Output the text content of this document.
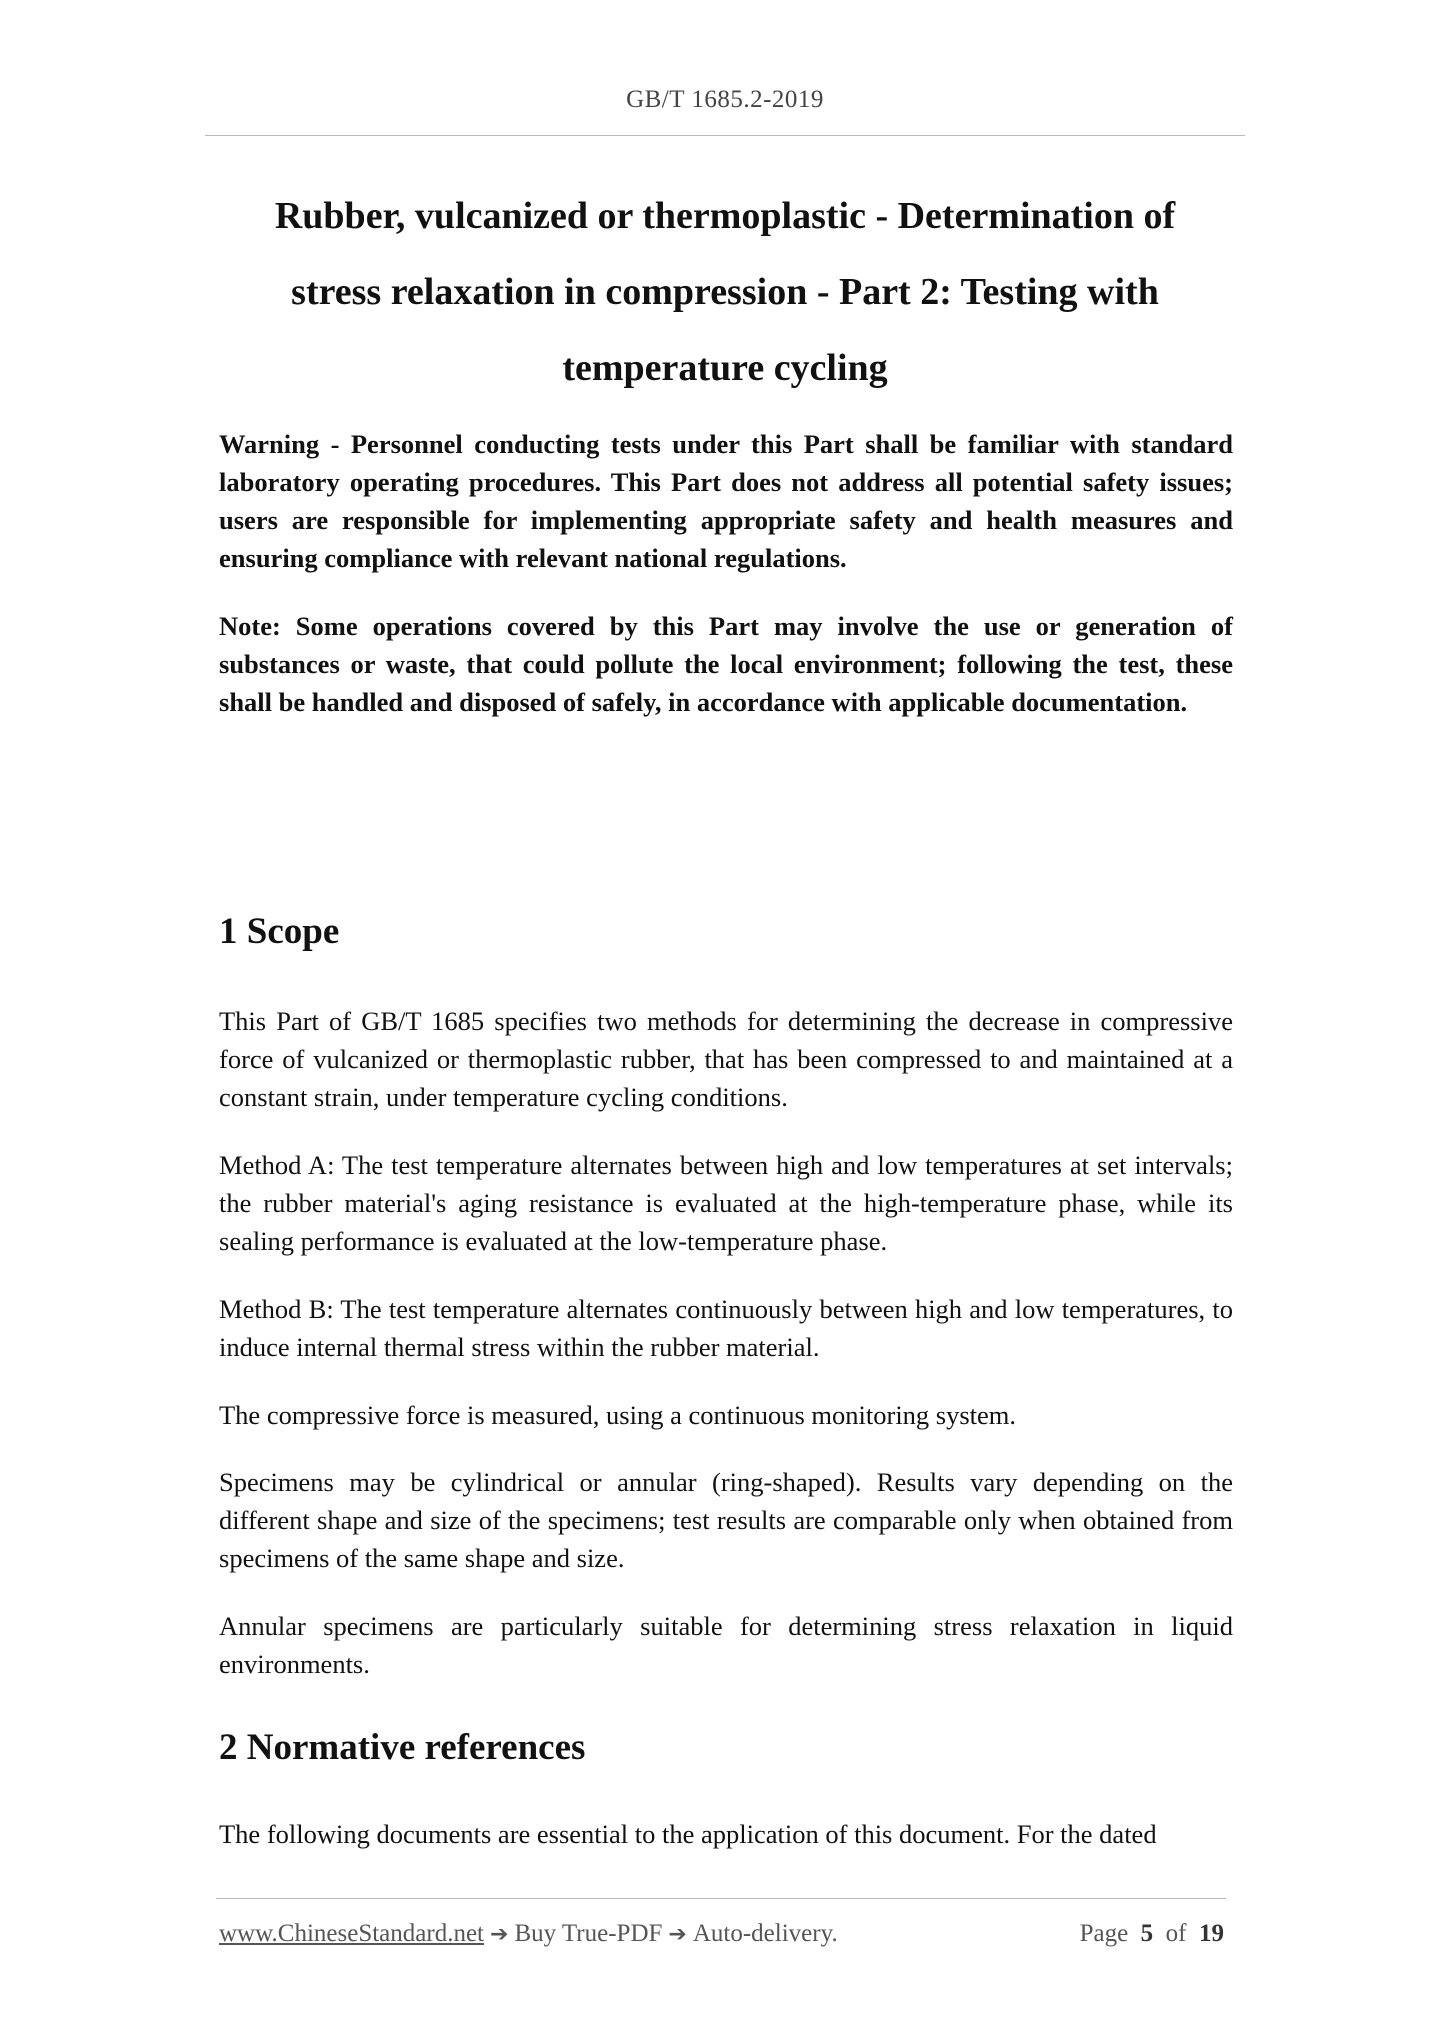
GB/T 1685.2-2019
Rubber, vulcanized or thermoplastic - Determination of
stress relaxation in compression - Part 2: Testing with
temperature cycling

Warning - Personnel conducting tests under this Part shall be familiar with standard laboratory operating procedures. This Part does not address all potential safety issues; users are responsible for implementing appropriate safety and health measures and ensuring compliance with relevant national regulations.

Note: Some operations covered by this Part may involve the use or generation of substances or waste, that could pollute the local environment; following the test, these shall be handled and disposed of safely, in accordance with applicable documentation.

1 Scope

This Part of GB/T 1685 specifies two methods for determining the decrease in compressive force of vulcanized or thermoplastic rubber, that has been compressed to and maintained at a constant strain, under temperature cycling conditions.

Method A: The test temperature alternates between high and low temperatures at set intervals; the rubber material's aging resistance is evaluated at the high-temperature phase, while its sealing performance is evaluated at the low-temperature phase.

Method B: The test temperature alternates continuously between high and low temperatures, to induce internal thermal stress within the rubber material.

The compressive force is measured, using a continuous monitoring system.

Specimens may be cylindrical or annular (ring-shaped). Results vary depending on the different shape and size of the specimens; test results are comparable only when obtained from specimens of the same shape and size.

Annular specimens are particularly suitable for determining stress relaxation in liquid environments.

2 Normative references

The following documents are essential to the application of this document. For the dated

www.ChineseStandard.net ➔ Buy True-PDF ➔ Auto-delivery.	Page 5 of 19
